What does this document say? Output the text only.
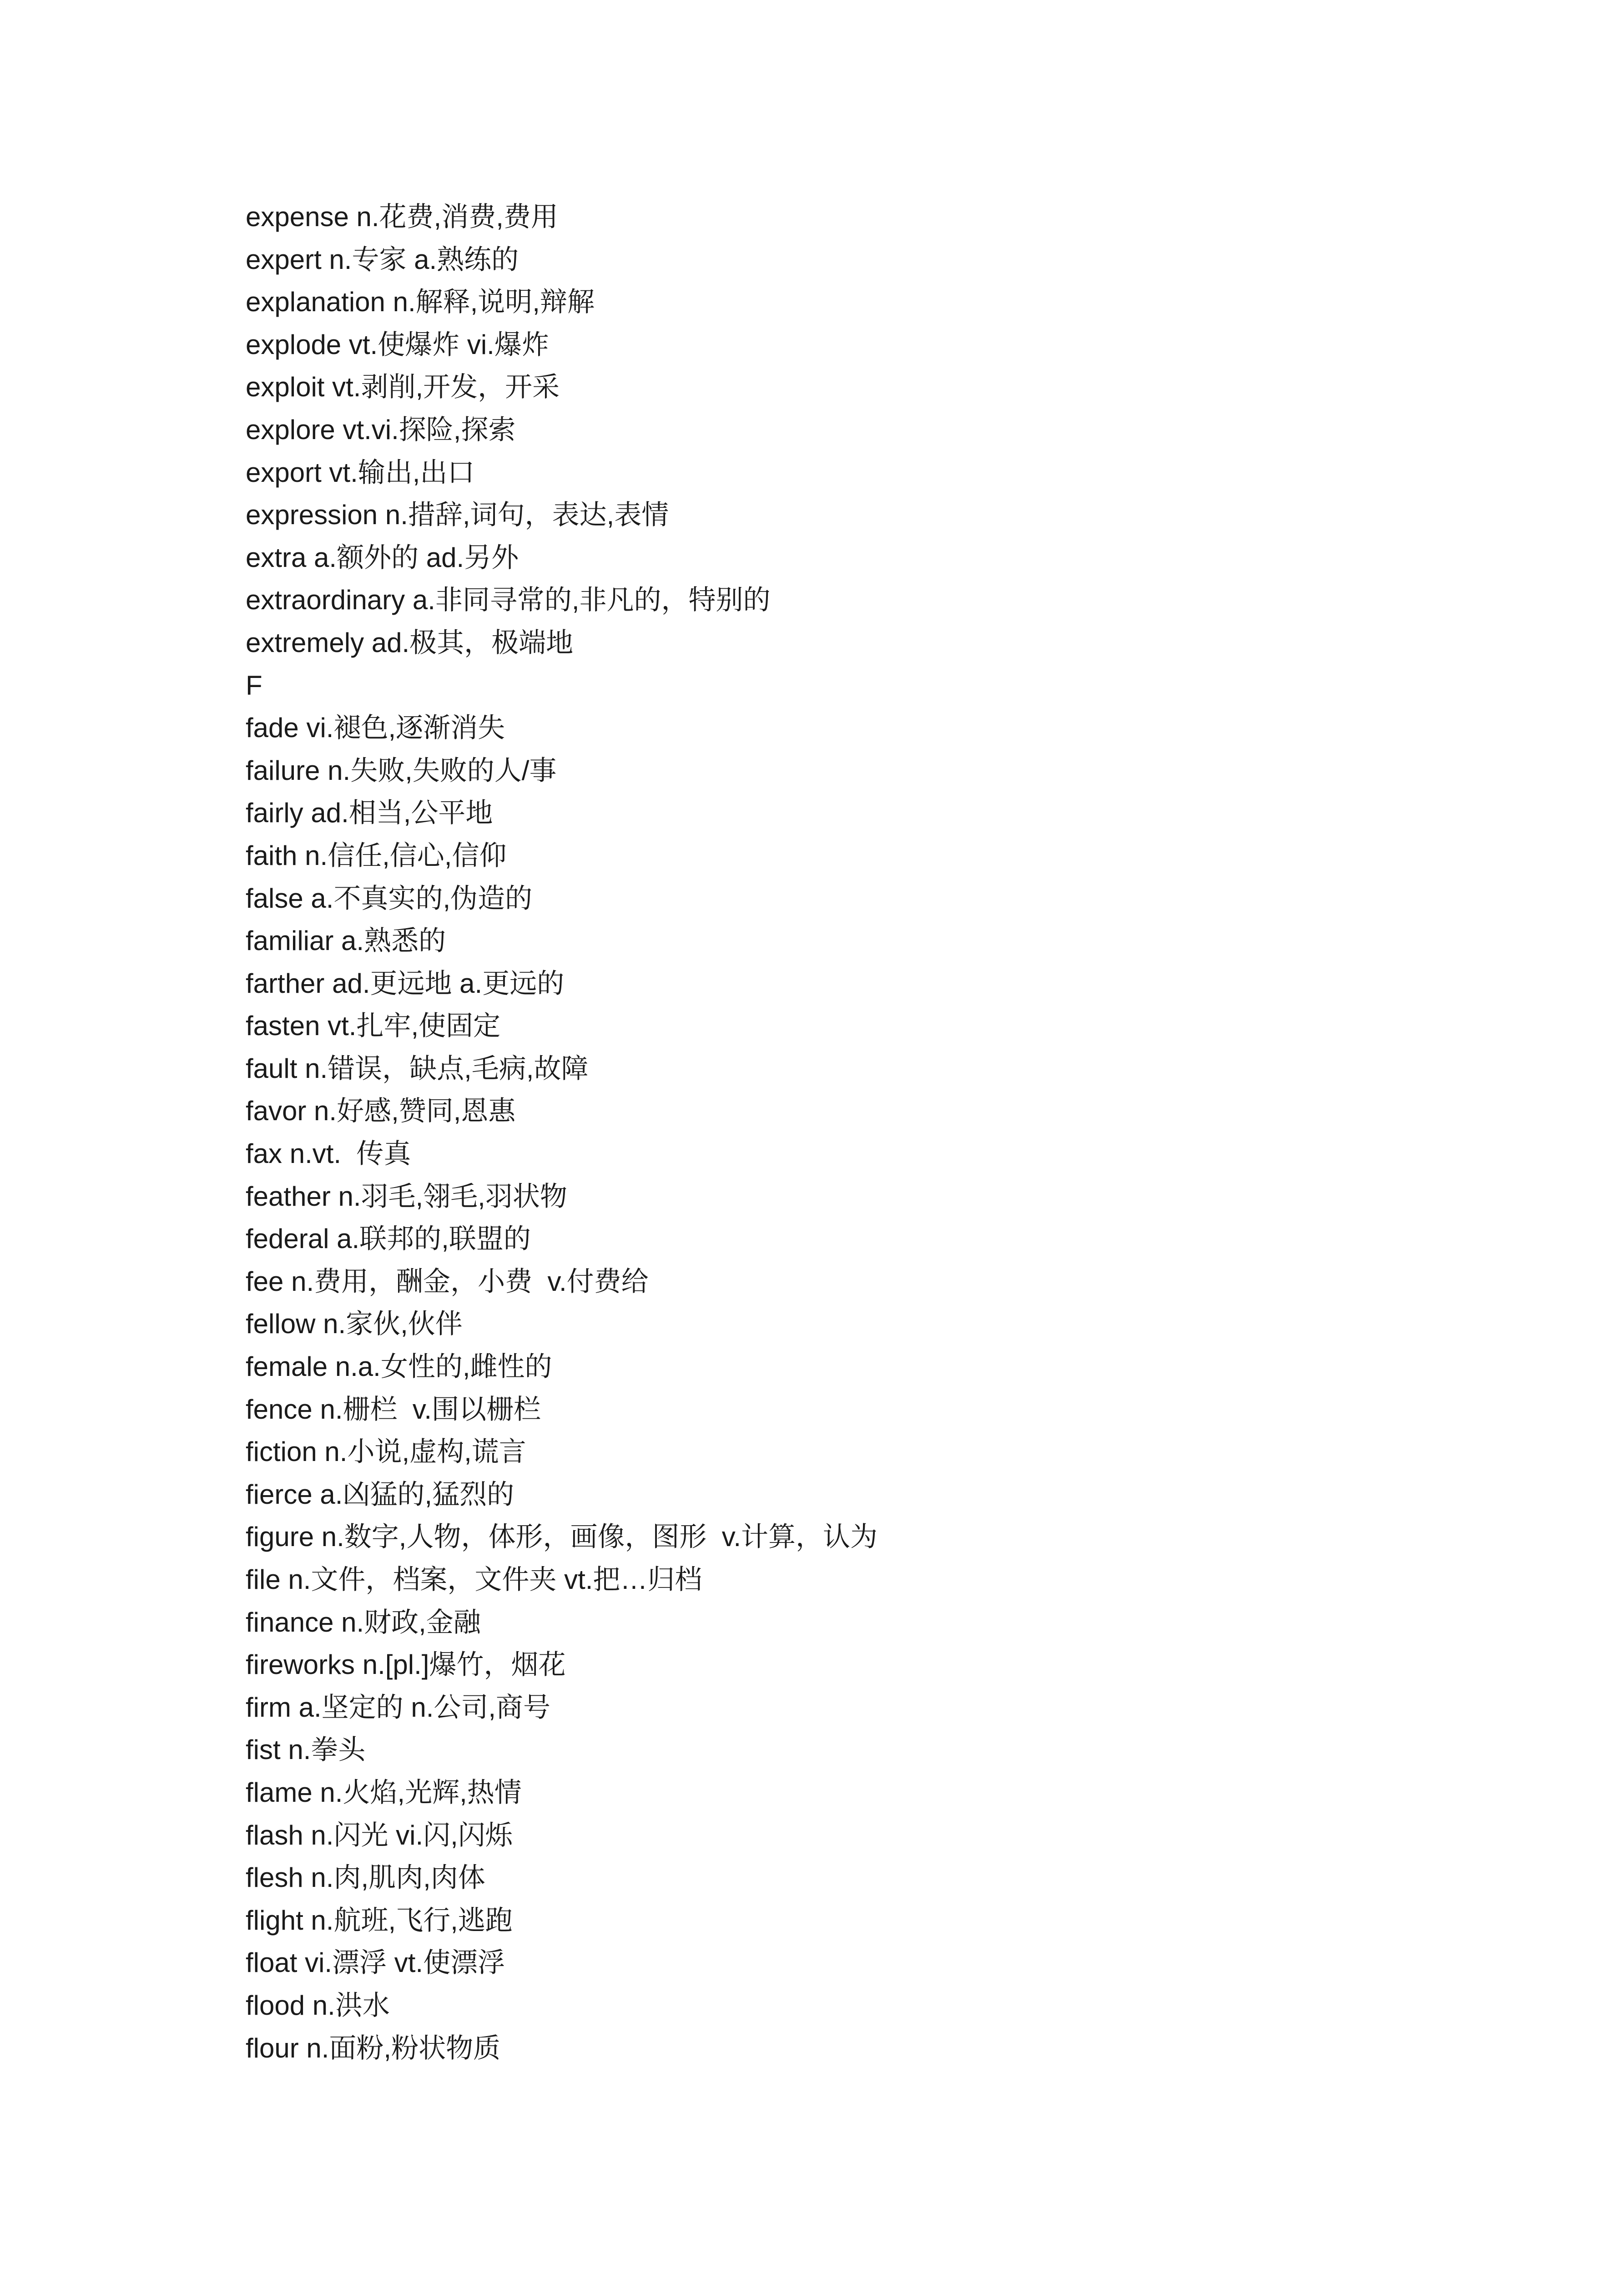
expense n.花费,消费,费用
expert n.专家 a.熟练的
explanation n.解释,说明,辩解
explode vt.使爆炸 vi.爆炸
exploit vt.剥削,开发，开采
explore vt.vi.探险,探索
export vt.输出,出口
expression n.措辞,词句，表达,表情
extra a.额外的 ad.另外
extraordinary a.非同寻常的,非凡的，特别的
extremely ad.极其，极端地
F
fade vi.褪色,逐渐消失
failure n.失败,失败的人/事
fairly ad.相当,公平地
faith n.信任,信心,信仰
false a.不真实的,伪造的
familiar a.熟悉的
farther ad.更远地 a.更远的
fasten vt.扎牢,使固定
fault n.错误，缺点,毛病,故障
favor n.好感,赞同,恩惠
fax n.vt.  传真
feather n.羽毛,翎毛,羽状物
federal a.联邦的,联盟的
fee n.费用，酬金，小费  v.付费给
fellow n.家伙,伙伴
female n.a.女性的,雌性的
fence n.栅栏  v.围以栅栏
fiction n.小说,虚构,谎言
fierce a.凶猛的,猛烈的
figure n.数字,人物，体形，画像，图形  v.计算，认为
file n.文件，档案，文件夹 vt.把…归档
finance n.财政,金融
fireworks n.[pl.]爆竹，烟花
firm a.坚定的 n.公司,商号
fist n.拳头
flame n.火焰,光辉,热情
flash n.闪光 vi.闪,闪烁
flesh n.肉,肌肉,肉体
flight n.航班,飞行,逃跑
float vi.漂浮 vt.使漂浮
flood n.洪水
flour n.面粉,粉状物质
